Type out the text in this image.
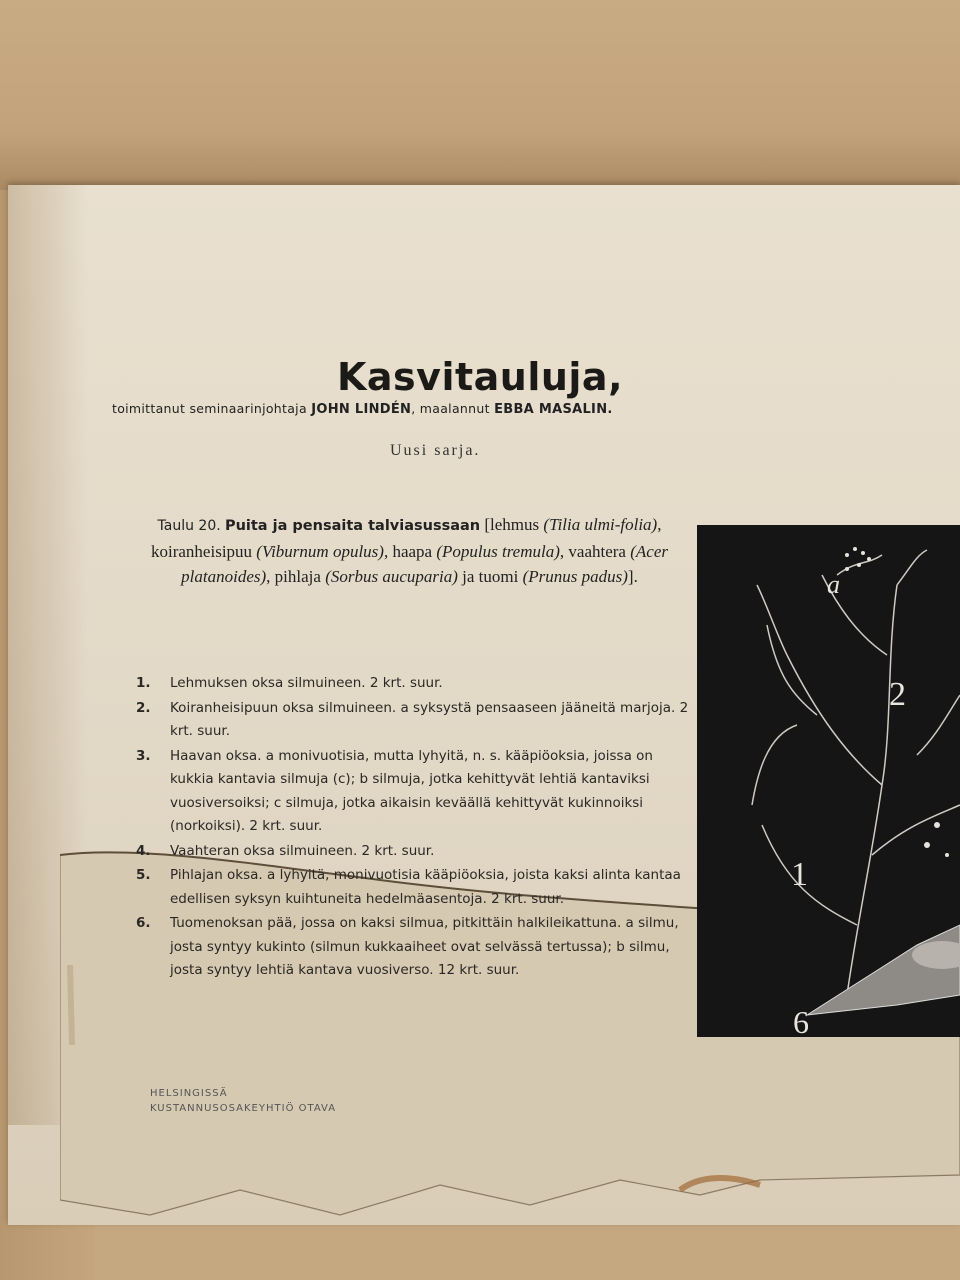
Kasvitauluja,
toimittanut seminaarinjohtaja JOHN LINDÉN, maalannut EBBA MASALIN.
Uusi sarja.
Taulu 20. Puita ja pensaita talviasussaan [lehmus (Tilia ulmi-folia), koiranheisipuu (Viburnum opulus), haapa (Populus tremula), vaahtera (Acer platanoides), pihlaja (Sorbus aucuparia) ja tuomi (Prunus padus)].
1. Lehmuksen oksa silmuineen. 2 krt. suur.
2. Koiranheisipuun oksa silmuineen. a syksystä pensaaseen jääneitä marjoja. 2 krt. suur.
3. Haavan oksa. a monivuotisia, mutta lyhyitä, n. s. kääpiöoksia, joissa on kukkia kantavia silmuja (c); b silmuja, jotka kehittyvät lehtiä kantaviksi vuosiversoiksi; c silmuja, jotka aikaisin keväällä kehittyvät kukinnoiksi (norkoiksi). 2 krt. suur.
4. Vaahteran oksa silmuineen. 2 krt. suur.
5. Pihlajan oksa. a lyhyitä, monivuotisia kääpiöoksia, joista kaksi alinta kantaa edellisen syksyn kuihtuneita hedelmäasentoja. 2 krt. suur.
6. Tuomenoksan pää, jossa on kaksi silmua, pitkittäin halkileikattuna. a silmu, josta syntyy kukinto (silmun kukkaaiheet ovat selvässä tertussa); b silmu, josta syntyy lehtiä kantava vuosiverso. 12 krt. suur.
HELSINGISSÄ
KUSTANNUSOSAKEYHTIÖ OTAVA
a
2
1
6
